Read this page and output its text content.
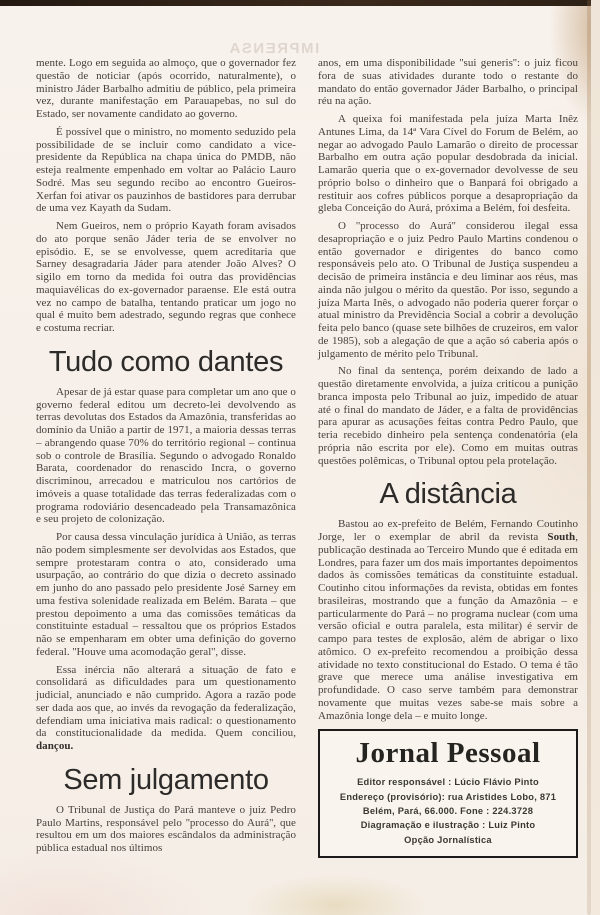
IMPRENSA

mente. Logo em seguida ao almoço, que o governador fez questão de noticiar (após ocorrido, naturalmente), o ministro Jáder Barbalho admitiu de público, pela primeira vez, durante manifestação em Parauapebas, no sul do Estado, ser novamente candidato ao governo.

É possível que o ministro, no momento seduzido pela possibilidade de se incluir como candidato a vice-presidente da República na chapa única do PMDB, não esteja realmente empenhado em voltar ao Palácio Lauro Sodré. Mas seu segundo recibo ao encontro Gueiros-Xerfan foi ativar os pauzinhos de bastidores para derrubar de uma vez Kayath da Sudam.

Nem Gueiros, nem o próprio Kayath foram avisados do ato porque senão Jáder teria de se envolver no episódio. E, se se envolvesse, quem acreditaria que Sarney desagradaria Jáder para atender João Alves? O sigilo em torno da medida foi outra das providências maquiavélicas do ex-governador paraense. Ele está outra vez no campo de batalha, tentando praticar um jogo no qual é muito bem adestrado, segundo regras que conhece e costuma recriar.

Tudo como dantes

Apesar de já estar quase para completar um ano que o governo federal editou um decreto-lei devolvendo as terras devolutas dos Estados da Amazônia, transferidas ao domínio da União a partir de 1971, a maioria dessas terras – abrangendo quase 70% do território regional – continua sob o controle de Brasília. Segundo o advogado Ronaldo Barata, coordenador do renascido Incra, o governo discriminou, arrecadou e matriculou nos cartórios de imóveis a quase totalidade das terras federalizadas com o programa rodoviário desencadeado pela Transamazônica e seu projeto de colonização.

Por causa dessa vinculação jurídica à União, as terras não podem simplesmente ser devolvidas aos Estados, que sempre protestaram contra o ato, considerado uma usurpação, ao contrário do que dizia o decreto assinado em junho do ano passado pelo presidente José Sarney em uma festiva solenidade realizada em Belém. Barata – que prestou depoimento a uma das comissões temáticas da constituinte estadual – ressaltou que os próprios Estados não se empenharam em obter uma definição do governo federal. ''Houve uma acomodação geral'', disse.

Essa inércia não alterará a situação de fato e consolidará as dificuldades para um questionamento judicial, anunciado e não cumprido. Agora a razão pode ser dada aos que, ao invés da revogação da federalização, defendiam uma iniciativa mais radical: o questionamento da constitucionalidade da medida. Quem conciliou, dançou.

Sem julgamento

O Tribunal de Justiça do Pará manteve o juiz Pedro Paulo Martins, responsável pelo ''processo do Aurá'', que resultou em um dos maiores escândalos da administração pública estadual nos últimos

anos, em uma disponibilidade ''sui generis'': o juiz ficou fora de suas atividades durante todo o restante do mandato do então governador Jáder Barbalho, o principal réu na ação.

A queixa foi manifestada pela juíza Marta Inêz Antunes Lima, da 14ª Vara Cível do Forum de Belém, ao negar ao advogado Paulo Lamarão o direito de processar Barbalho em outra ação popular desdobrada da inicial. Lamarão queria que o ex-governador devolvesse de seu próprio bolso o dinheiro que o Banpará foi obrigado a restituir aos cofres públicos porque a desapropriação da gleba Conceição do Aurá, próxima a Belém, foi desfeita.

O ''processo do Aurá'' considerou ilegal essa desapropriação e o juiz Pedro Paulo Martins condenou o então governador e dirigentes do banco como responsáveis pelo ato. O Tribunal de Justiça suspendeu a decisão de primeira instância e deu liminar aos réus, mas ainda não julgou o mérito da questão. Por isso, segundo a juíza Marta Inês, o advogado não poderia querer forçar o atual ministro da Previdência Social a cobrir a devolução feita pelo banco (quase sete bilhões de cruzeiros, em valor de 1985), sob a alegação de que a ação só caberia após o julgamento de mérito pelo Tribunal.

No final da sentença, porém deixando de lado a questão diretamente envolvida, a juíza criticou a punição branca imposta pelo Tribunal ao juiz, impedido de atuar até o final do mandato de Jáder, e a falta de providências para apurar as acusações feitas contra Pedro Paulo, que teria recebido dinheiro pela sentença condenatória (ela própria não escrita por ele). Como em muitas outras questões polêmicas, o Tribunal optou pela protelação.

A distância

Bastou ao ex-prefeito de Belém, Fernando Coutinho Jorge, ler o exemplar de abril da revista South, publicação destinada ao Terceiro Mundo que é editada em Londres, para fazer um dos mais importantes depoimentos dados às comissões temáticas da constituinte estadual. Coutinho citou informações da revista, obtidas em fontes brasileiras, mostrando que a função da Amazônia – e particularmente do Pará – no programa nuclear (com uma versão oficial e outra paralela, esta militar) é servir de campo para testes de explosão, além de abrigar o lixo atômico. O ex-prefeito recomendou a proibição dessa atividade no texto constitucional do Estado. O tema é tão grave que merece uma análise investigativa em profundidade. O caso serve também para demonstrar novamente que muitas vezes sabe-se mais sobre a Amazônia longe dela – e muito longe.

Jornal Pessoal
Editor responsável : Lúcio Flávio Pinto
Endereço (provisório): rua Aristides Lobo, 871
Belém, Pará, 66.000. Fone : 224.3728
Diagramação e ilustração : Luiz Pinto
Opção Jornalística
